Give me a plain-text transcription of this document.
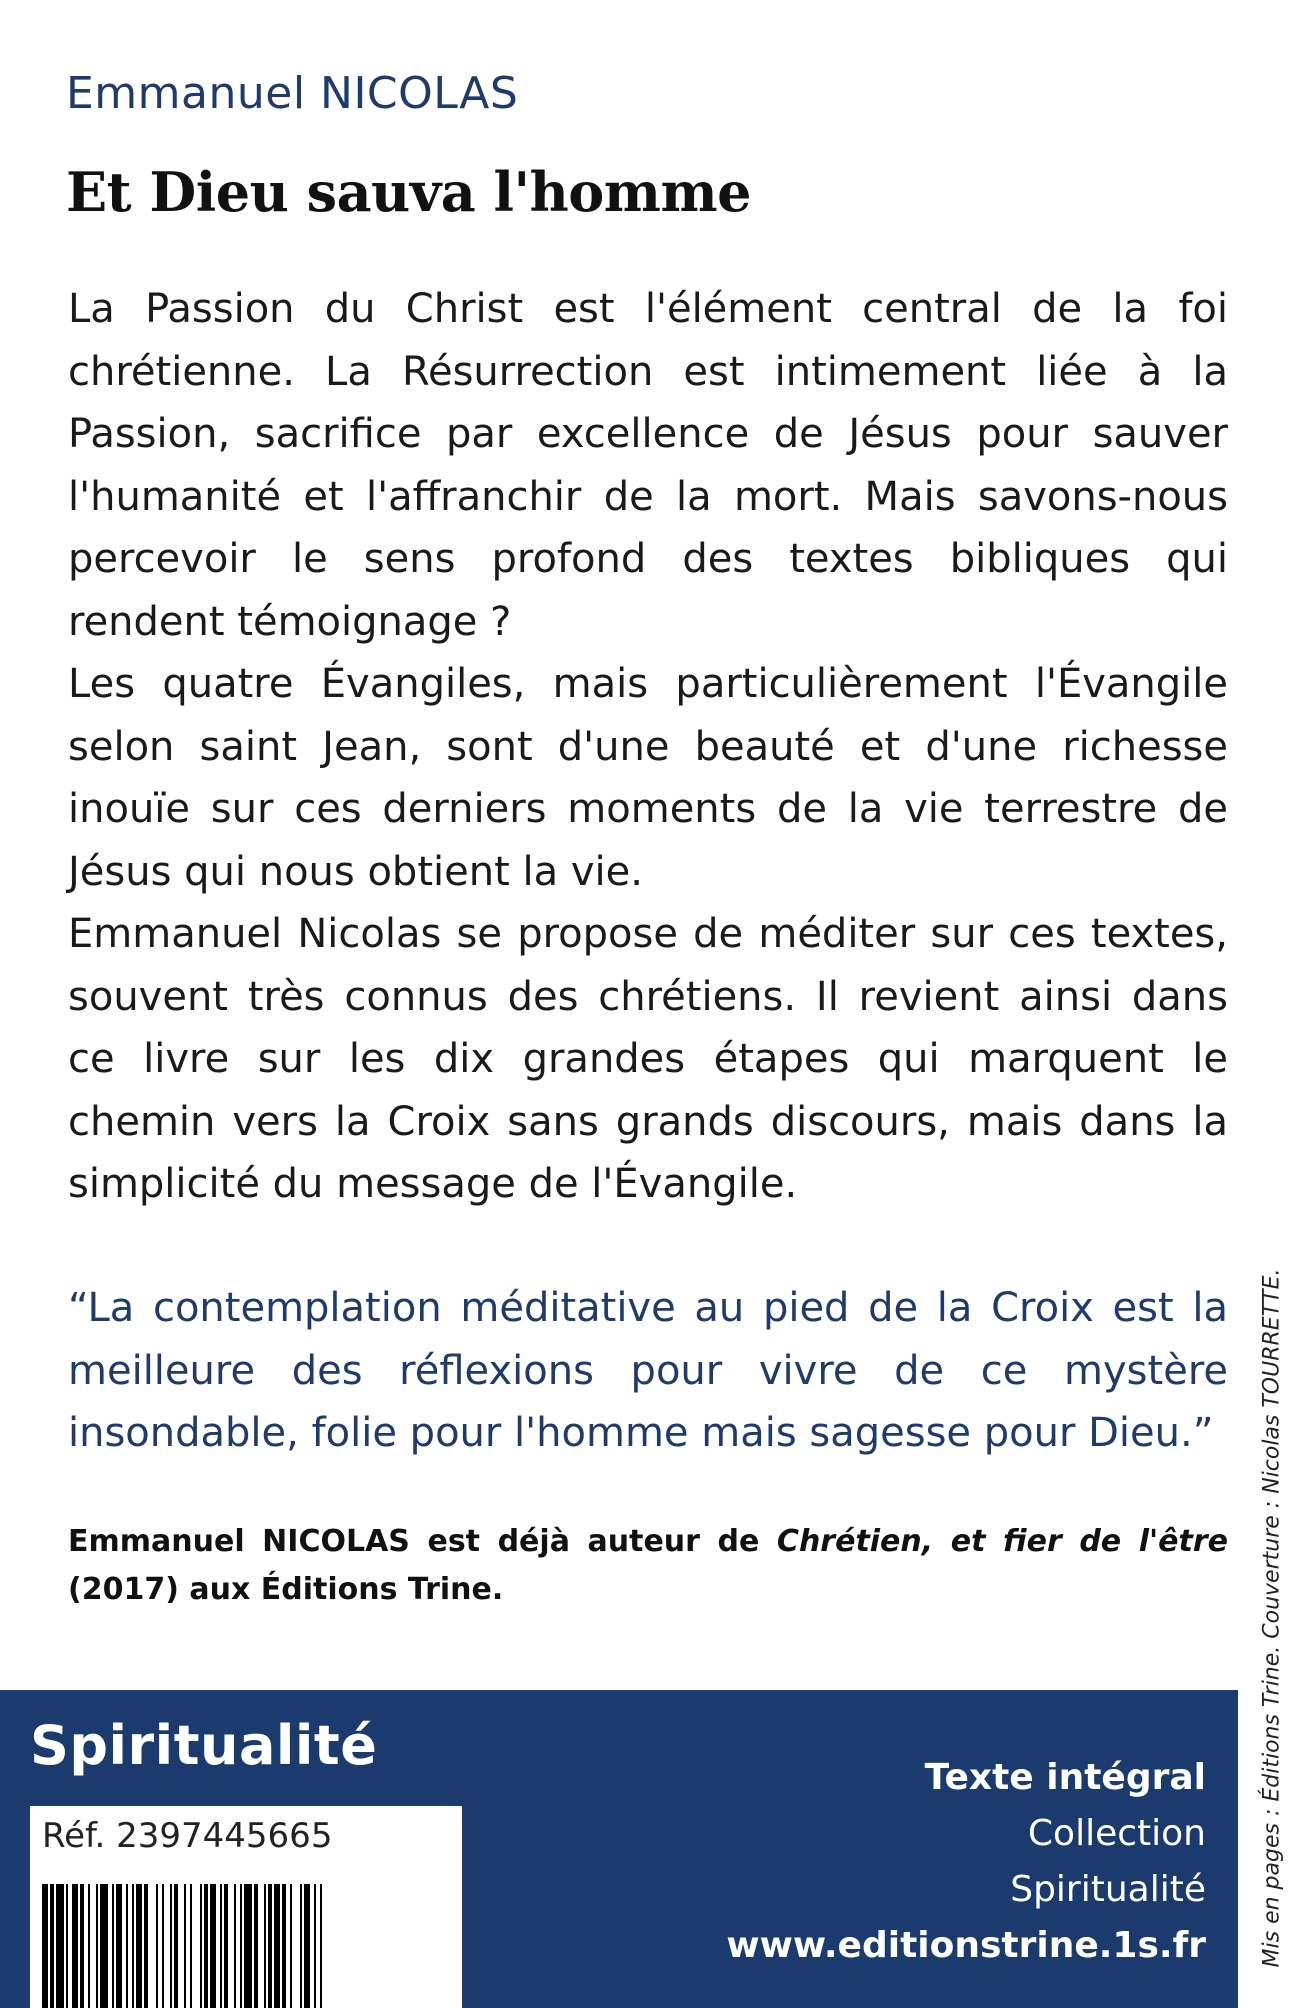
Emmanuel NICOLAS
Et Dieu sauva l'homme

La Passion du Christ est l'élément central de la foi chrétienne. La Résurrection est intimement liée à la Passion, sacrifice par excellence de Jésus pour sauver l'humanité et l'affranchir de la mort. Mais savons-nous percevoir le sens profond des textes bibliques qui rendent témoignage ?

Les quatre Évangiles, mais particulièrement l'Évangile selon saint Jean, sont d'une beauté et d'une richesse inouïe sur ces derniers moments de la vie terrestre de Jésus qui nous obtient la vie.

Emmanuel Nicolas se propose de méditer sur ces textes, souvent très connus des chrétiens. Il revient ainsi dans ce livre sur les dix grandes étapes qui marquent le chemin vers la Croix sans grands discours, mais dans la simplicité du message de l'Évangile.

“La contemplation méditative au pied de la Croix est la meilleure des réflexions pour vivre de ce mystère insondable, folie pour l'homme mais sagesse pour Dieu.”
Emmanuel NICOLAS est déjà auteur de Chrétien, et fier de l'être (2017) aux Éditions Trine.
Spiritualité
Réf. 2397445665
Texte intégral
Collection
Spiritualité
www.editionstrine.1s.fr Mis en pages : Éditions Trine. Couverture : Nicolas TOURRETTE.
